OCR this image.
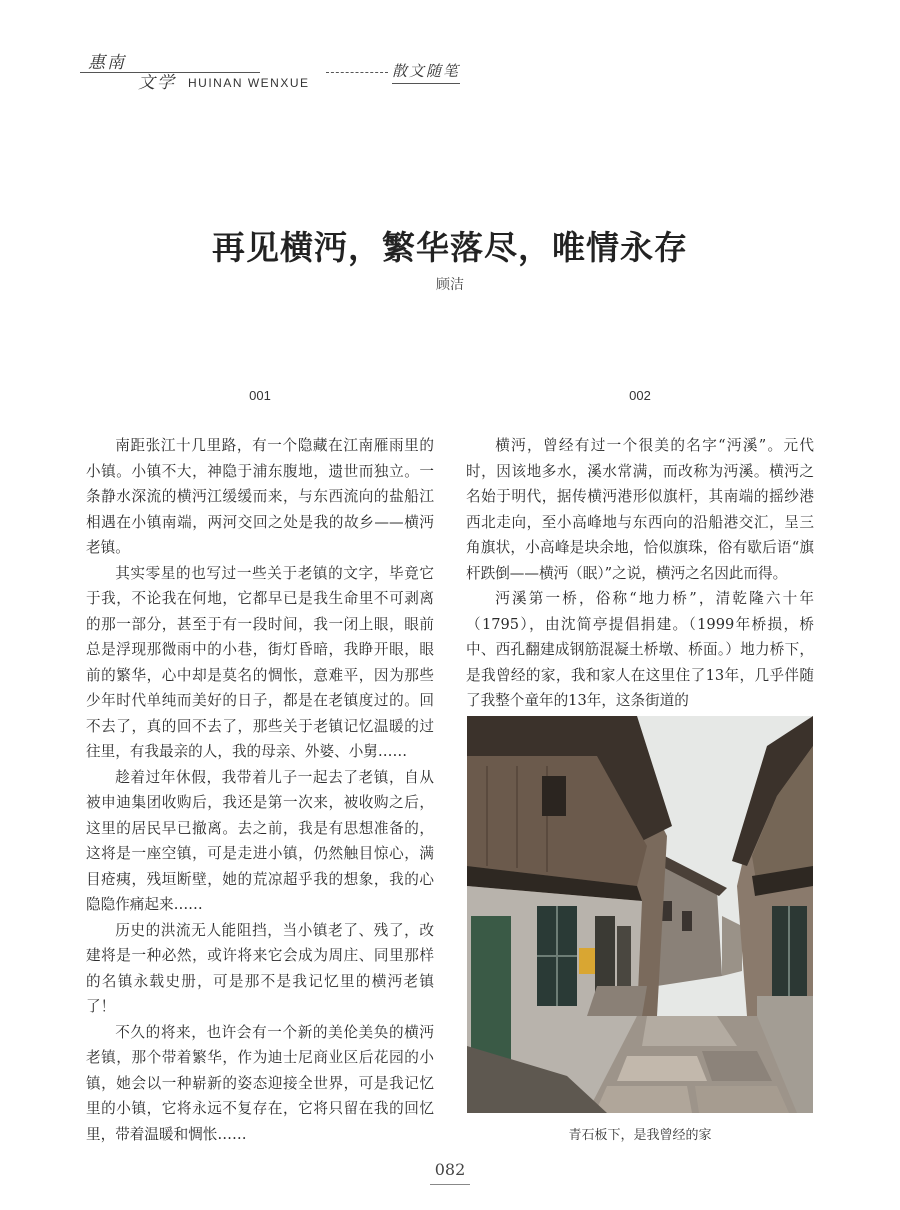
惠南
文学 HUINAN WENXUE
散文随笔
再见横沔，繁华落尽，唯情永存
顾洁
001

南距张江十几里路，有一个隐藏在江南雁雨里的小镇。小镇不大，神隐于浦东腹地，遗世而独立。一条静水深流的横沔江缓缓而来，与东西流向的盐船江相遇在小镇南端，两河交回之处是我的故乡——横沔老镇。

其实零星的也写过一些关于老镇的文字，毕竟它于我，不论我在何地，它都早已是我生命里不可剥离的那一部分，甚至于有一段时间，我一闭上眼，眼前总是浮现那微雨中的小巷，街灯昏暗，我睁开眼，眼前的繁华，心中却是莫名的惆怅，意难平，因为那些少年时代单纯而美好的日子，都是在老镇度过的。回不去了，真的回不去了，那些关于老镇记忆温暖的过往里，有我最亲的人，我的母亲、外婆、小舅……

趁着过年休假，我带着儿子一起去了老镇，自从被申迪集团收购后，我还是第一次来，被收购之后，这里的居民早已撤离。去之前，我是有思想准备的，这将是一座空镇，可是走进小镇，仍然触目惊心，满目疮痍，残垣断壁，她的荒凉超乎我的想象，我的心隐隐作痛起来……

历史的洪流无人能阻挡，当小镇老了、残了，改建将是一种必然，或许将来它会成为周庄、同里那样的名镇永载史册，可是那不是我记忆里的横沔老镇了！

不久的将来，也许会有一个新的美伦美奂的横沔老镇，那个带着繁华，作为迪士尼商业区后花园的小镇，她会以一种崭新的姿态迎接全世界，可是我记忆里的小镇，它将永远不复存在，它将只留在我的回忆里，带着温暖和惆怅……

002

横沔，曾经有过一个很美的名字“沔溪”。元代时，因该地多水，溪水常满，而改称为沔溪。横沔之名始于明代，据传横沔港形似旗杆，其南端的摇纱港西北走向，至小高峰地与东西向的沿船港交汇，呈三角旗状，小高峰是块余地，恰似旗珠，俗有歇后语“旗杆跌倒——横沔（眠）”之说，横沔之名因此而得。

沔溪第一桥，俗称“地力桥”，清乾隆六十年（1795），由沈简亭提倡捐建。（1999年桥损，桥中、西孔翻建成钢筋混凝土桥墩、桥面。）地力桥下，是我曾经的家，我和家人在这里住了13年，几乎伴随了我整个童年的13年，这条街道的

青石板下，是我曾经的家
082
